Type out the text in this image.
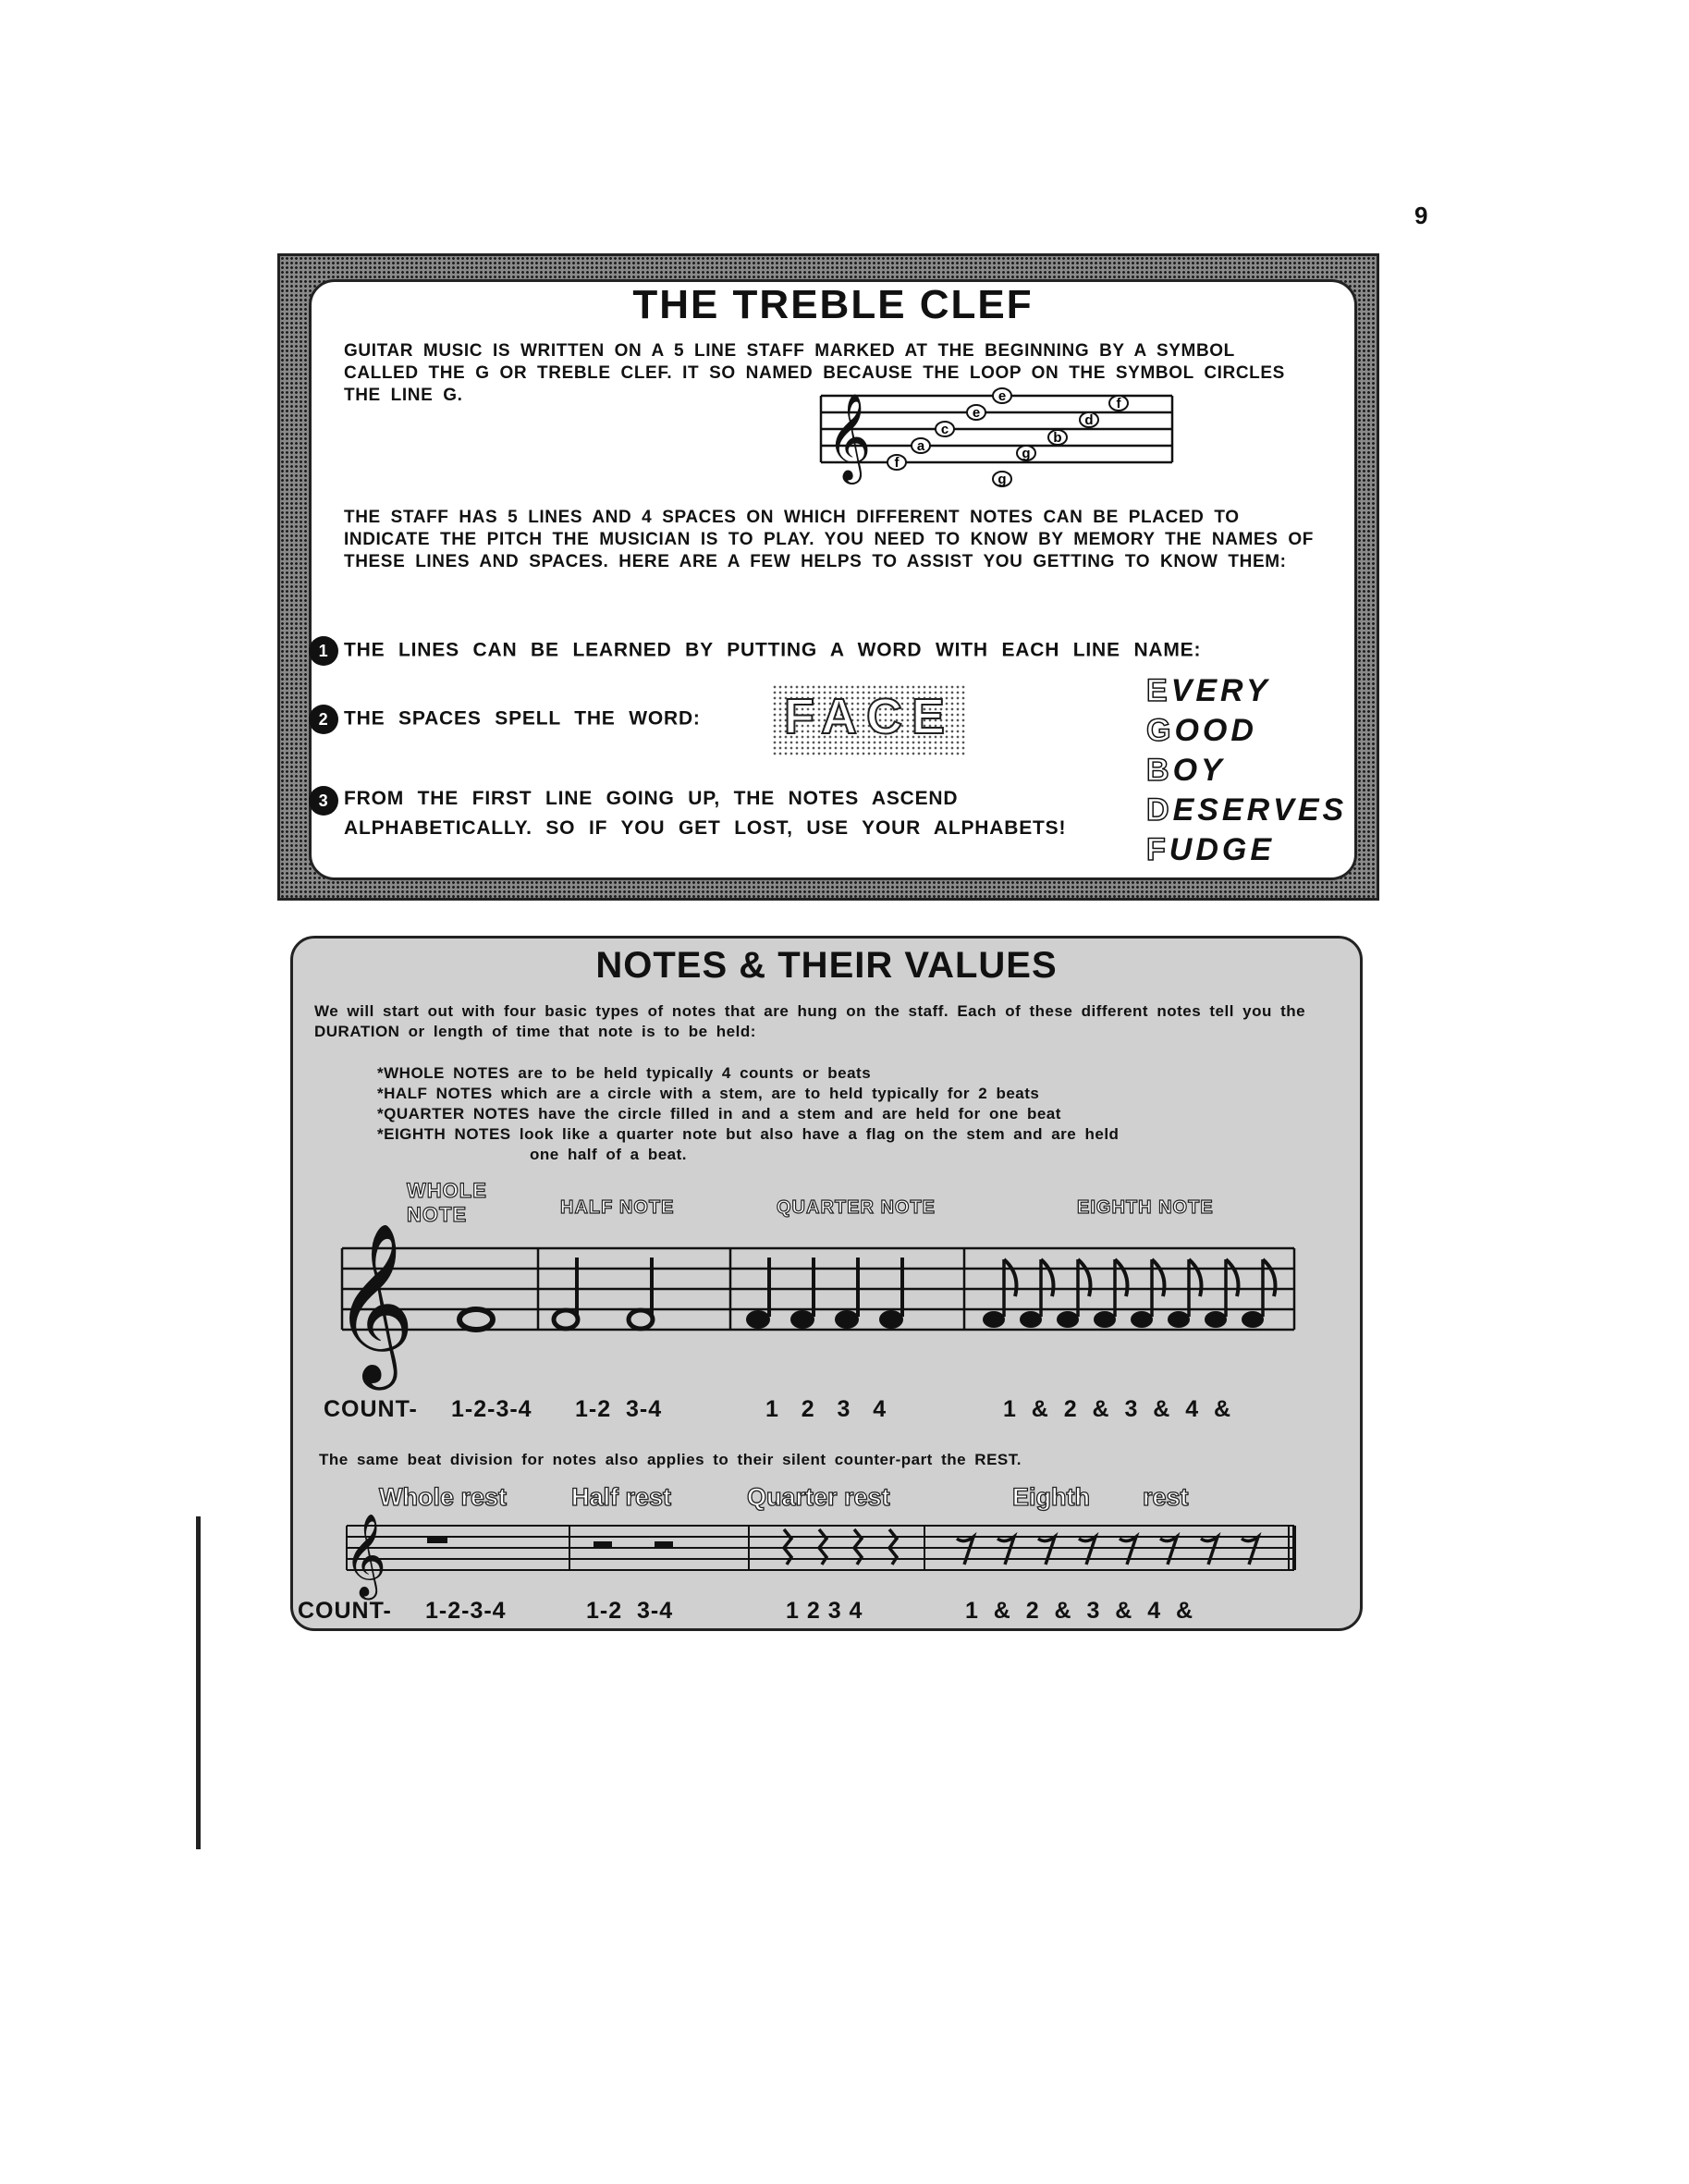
9
THE TREBLE CLEF
GUITAR MUSIC IS WRITTEN ON A 5 LINE STAFF MARKED AT THE BEGINNING BY A SYMBOL CALLED THE G OR TREBLE CLEF. IT SO NAMED BECAUSE THE LOOP ON THE SYMBOL CIRCLES THE LINE G.	𝄞 f
a
c
e
g
b
d
f
e
g
THE STAFF HAS 5 LINES AND 4 SPACES ON WHICH DIFFERENT NOTES CAN BE PLACED TO INDICATE THE PITCH THE MUSICIAN IS TO PLAY. YOU NEED TO KNOW BY MEMORY THE NAMES OF THESE LINES AND SPACES. HERE ARE A FEW HELPS TO ASSIST YOU GETTING TO KNOW THEM:
1 THE LINES CAN BE LEARNED BY PUTTING A WORD WITH EACH LINE NAME:
2 THE SPACES SPELL THE WORD: FACE
3 FROM THE FIRST LINE GOING UP, THE NOTES ASCEND ALPHABETICALLY. SO IF YOU GET LOST, USE YOUR ALPHABETS!
EVERY
GOOD
BOY
DESERVES
FUDGE
NOTES & THEIR VALUES
We will start out with four basic types of notes that are hung on the staff. Each of these different notes tell you the DURATION or length of time that note is to be held:
*WHOLE NOTES are to be held typically 4 counts or beats
*HALF NOTES which are a circle with a stem, are to held typically for 2 beats
*QUARTER NOTES have the circle filled in and a stem and are held for one beat
*EIGHTH NOTES look like a quarter note but also have a flag on the stem and are held
one half of a beat.
WHOLE
NOTE	HALF NOTE	QUARTER NOTE	EIGHTH NOTE
𝄞
COUNT- 1-2-3-4 1-2  3-4	1   2   3   4	1  &  2  &  3  &  4  &
The same beat division for notes also applies to their silent counter-part the REST.
Whole rest	Half rest	Quarter rest	Eighth rest
𝄞
COUNT- 1-2-3-4	1-2  3-4	1 2 3 4	1  &  2  &  3  &  4  &
